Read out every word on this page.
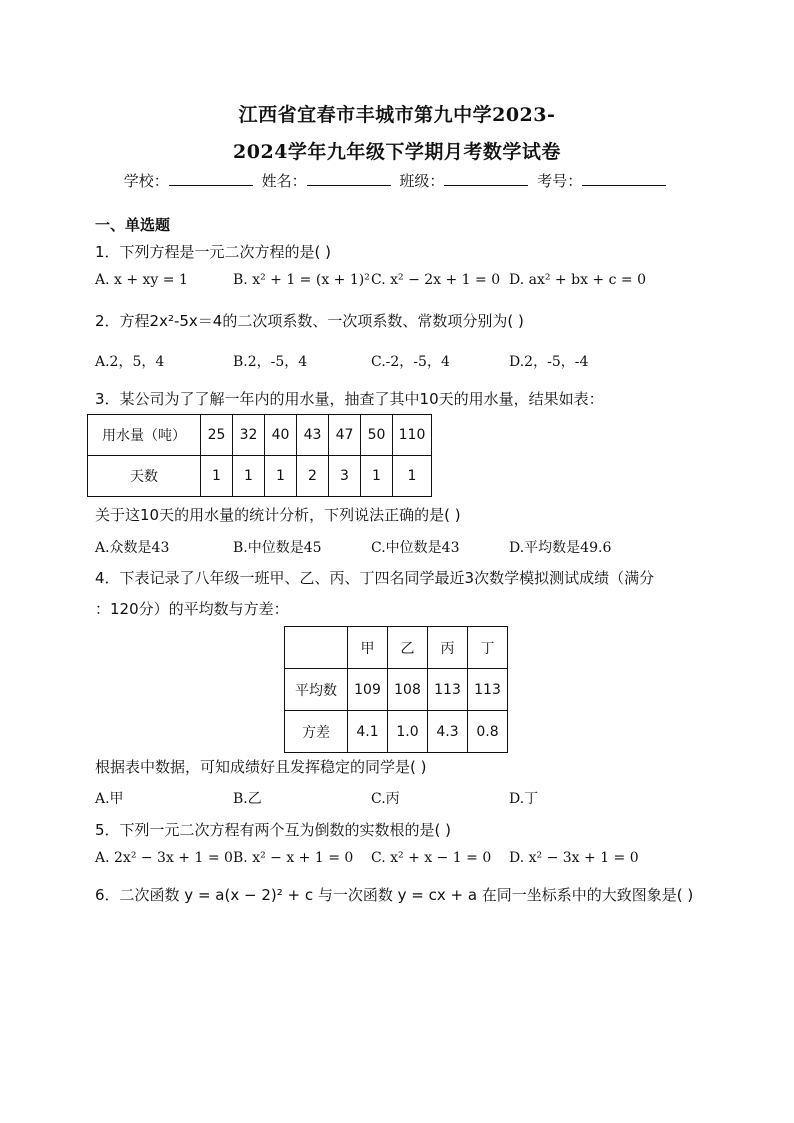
江西省宜春市丰城市第九中学2023-
2024学年九年级下学期月考数学试卷
学校：	姓名：	班级：	考号：
一、单选题
1．下列方程是一元二次方程的是( )
A. x + xy = 1	B. x² + 1 = (x + 1)² C. x² − 2x + 1 = 0 D. ax² + bx + c = 0
2．方程2x²-5x＝4的二次项系数、一次项系数、常数项分别为( )
A.2，5，4	B.2，-5，4	C.-2，-5，4	D.2，-5，-4
3．某公司为了了解一年内的用水量，抽查了其中10天的用水量，结果如表：
用水量（吨）	25	32	40	43	47	50	110
天数	1	1	1	2	3	1	1
关于这10天的用水量的统计分析，下列说法正确的是( )
A.众数是43	B.中位数是45	C.中位数是43	D.平均数是49.6
4．下表记录了八年级一班甲、乙、丙、丁四名同学最近3次数学模拟测试成绩（满分
：120分）的平均数与方差：
	甲	乙	丙	丁
平均数	109	108	113	113
方差	4.1	1.0	4.3	0.8
根据表中数据，可知成绩好且发挥稳定的同学是( )
A.甲	B.乙	C.丙	D.丁
5．下列一元二次方程有两个互为倒数的实数根的是( )
A. 2x² − 3x + 1 = 0 B. x² − x + 1 = 0 C. x² + x − 1 = 0 D. x² − 3x + 1 = 0
6．二次函数 y = a(x − 2)² + c 与一次函数 y = cx + a 在同一坐标系中的大致图象是( )
